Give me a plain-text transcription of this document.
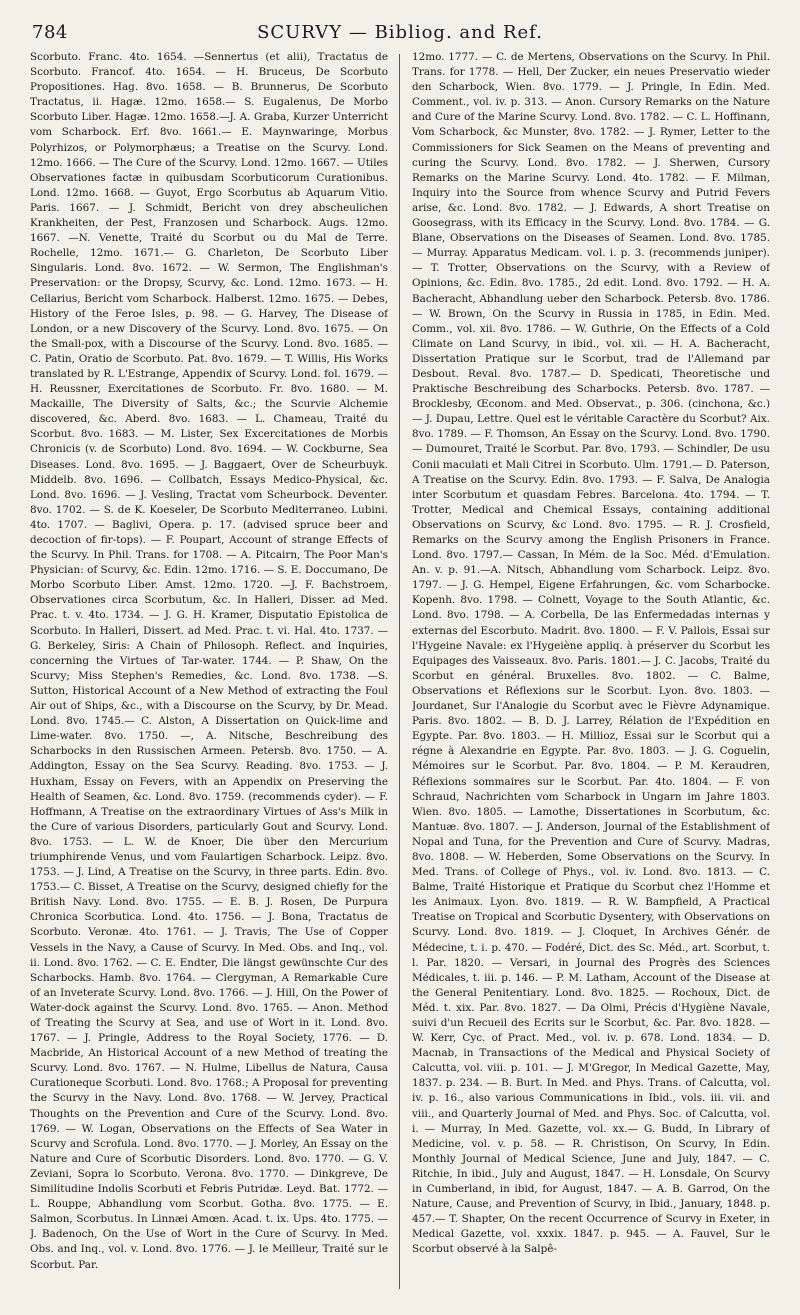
784	SCURVY — Bibliog. and Ref.
Scorbuto. Franc. 4to. 1654. —Sennertus (et alii), Tractatus de Scorbuto. Francof. 4to. 1654. — H. Bruceus, De Scorbuto Propositiones. Hag. 8vo. 1658. — B. Brunnerus, De Scorbuto Tractatus, ii. Hagæ. 12mo. 1658.— S. Eugalenus, De Morbo Scorbuto Liber. Hagæ. 12mo. 1658.—J. A. Graba, Kurzer Unterricht vom Scharbock. Erf. 8vo. 1661.— E. Maynwaringe, Morbus Polyrhizos, or Polymorphæus; a Treatise on the Scurvy. Lond. 12mo. 1666. — The Cure of the Scurvy. Lond. 12mo. 1667. — Utiles Observationes factæ in quibusdam Scorbuticorum Curationibus. Lond. 12mo. 1668. — Guyot, Ergo Scorbutus ab Aquarum Vitio. Paris. 1667. — J. Schmidt, Bericht von drey abscheulichen Krankheiten, der Pest, Franzosen und Scharbock. Augs. 12mo. 1667. —N. Venette, Traité du Scorbut ou du Mal de Terre. Rochelle, 12mo. 1671.— G. Charleton, De Scorbuto Liber Singularis. Lond. 8vo. 1672. — W. Sermon, The Englishman's Preservation: or the Dropsy, Scurvy, &c. Lond. 12mo. 1673. — H. Cellarius, Bericht vom Scharbock. Halberst. 12mo. 1675. — Debes, History of the Feroe Isles, p. 98. — G. Harvey, The Disease of London, or a new Discovery of the Scurvy. Lond. 8vo. 1675. — On the Small-pox, with a Discourse of the Scurvy. Lond. 8vo. 1685. — C. Patin, Oratio de Scorbuto. Pat. 8vo. 1679. — T. Willis, His Works translated by R. L'Estrange, Appendix of Scurvy. Lond. fol. 1679. — H. Reussner, Exercitationes de Scorbuto. Fr. 8vo. 1680. — M. Mackaille, The Diversity of Salts, &c.; the Scurvie Alchemie discovered, &c. Aberd. 8vo. 1683. — L. Chameau, Traité du Scorbut. 8vo. 1683. — M. Lister, Sex Excercitationes de Morbis Chronicis (v. de Scorbuto) Lond. 8vo. 1694. — W. Cockburne, Sea Diseases. Lond. 8vo. 1695. — J. Baggaert, Over de Scheurbuyk. Middelb. 8vo. 1696. — Collbatch, Essays Medico-Physical, &c. Lond. 8vo. 1696. — J. Vesling, Tractat vom Scheurbock. Deventer. 8vo. 1702. — S. de K. Koeseler, De Scorbuto Mediterraneo. Lubini. 4to. 1707. — Baglivi, Opera. p. 17. (advised spruce beer and decoction of fir-tops). — F. Poupart, Account of strange Effects of the Scurvy. In Phil. Trans. for 1708. — A. Pitcairn, The Poor Man's Physician: of Scurvy, &c. Edin. 12mo. 1716. — S. E. Doccumano, De Morbo Scorbuto Liber. Amst. 12mo. 1720. —J. F. Bachstroem, Observationes circa Scorbutum, &c. In Halleri, Disser. ad Med. Prac. t. v. 4to. 1734. — J. G. H. Kramer, Disputatio Epistolica de Scorbuto. In Halleri, Dissert. ad Med. Prac. t. vi. Hal. 4to. 1737. — G. Berkeley, Siris: A Chain of Philosoph. Reflect. and Inquiries, concerning the Virtues of Tar-water. 1744. — P. Shaw, On the Scurvy; Miss Stephen's Remedies, &c. Lond. 8vo. 1738. —S. Sutton, Historical Account of a New Method of extracting the Foul Air out of Ships, &c., with a Discourse on the Scurvy, by Dr. Mead. Lond. 8vo. 1745.— C. Alston, A Dissertation on Quick-lime and Lime-water. 8vo. 1750. —, A. Nitsche, Beschreibung des Scharbocks in den Russischen Armeen. Petersb. 8vo. 1750. — A. Addington, Essay on the Sea Scurvy. Reading. 8vo. 1753. — J. Huxham, Essay on Fevers, with an Appendix on Preserving the Health of Seamen, &c. Lond. 8vo. 1759. (recommends cyder). — F. Hoffmann, A Treatise on the extraordinary Virtues of Ass's Milk in the Cure of various Disorders, particularly Gout and Scurvy. Lond. 8vo. 1753. — L. W. de Knoer, Die über den Mercurium triumphirende Venus, und vom Faulartigen Scharbock. Leipz. 8vo. 1753. — J. Lind, A Treatise on the Scurvy, in three parts. Edin. 8vo. 1753.— C. Bisset, A Treatise on the Scurvy, designed chiefly for the British Navy. Lond. 8vo. 1755. — E. B. J. Rosen, De Purpura Chronica Scorbutica. Lond. 4to. 1756. — J. Bona, Tractatus de Scorbuto. Veronæ. 4to. 1761. — J. Travis, The Use of Copper Vessels in the Navy, a Cause of Scurvy. In Med. Obs. and Inq., vol. ii. Lond. 8vo. 1762. — C. E. Endter, Die längst gewünschte Cur des Scharbocks. Hamb. 8vo. 1764. — Clergyman, A Remarkable Cure of an Inveterate Scurvy. Lond. 8vo. 1766. — J. Hill, On the Power of Water-dock against the Scurvy. Lond. 8vo. 1765. — Anon. Method of Treating the Scurvy at Sea, and use of Wort in it. Lond. 8vo. 1767. — J. Pringle, Address to the Royal Society, 1776. — D. Macbride, An Historical Account of a new Method of treating the Scurvy. Lond. 8vo. 1767. — N. Hulme, Libellus de Natura, Causa Curationeque Scorbuti. Lond. 8vo. 1768.; A Proposal for preventing the Scurvy in the Navy. Lond. 8vo. 1768. — W. Jervey, Practical Thoughts on the Prevention and Cure of the Scurvy. Lond. 8vo. 1769. — W. Logan, Observations on the Effects of Sea Water in Scurvy and Scrofula. Lond. 8vo. 1770. — J. Morley, An Essay on the Nature and Cure of Scorbutic Disorders. Lond. 8vo. 1770. — G. V. Zeviani, Sopra lo Scorbuto. Verona. 8vo. 1770. — Dinkgreve, De Similitudine Indolis Scorbuti et Febris Putridæ. Leyd. Bat. 1772. — L. Rouppe, Abhandlung vom Scorbut. Gotha. 8vo. 1775. — E. Salmon, Scorbutus. In Linnæi Amœn. Acad. t. ix. Ups. 4to. 1775. — J. Badenoch, On the Use of Wort in the Cure of Scurvy. In Med. Obs. and Inq., vol. v. Lond. 8vo. 1776. — J. le Meilleur, Traité sur le Scorbut. Par.
12mo. 1777. — C. de Mertens, Observations on the Scurvy. In Phil. Trans. for 1778. — Hell, Der Zucker, ein neues Preservatio wieder den Scharbock, Wien. 8vo. 1779. — J. Pringle, In Edin. Med. Comment., vol. iv. p. 313. — Anon. Cursory Remarks on the Nature and Cure of the Marine Scurvy. Lond. 8vo. 1782. — C. L. Hoffinann, Vom Scharbock, &c Munster, 8vo. 1782. — J. Rymer, Letter to the Commissioners for Sick Seamen on the Means of preventing and curing the Scurvy. Lond. 8vo. 1782. — J. Sherwen, Cursory Remarks on the Marine Scurvy. Lond. 4to. 1782. — F. Milman, Inquiry into the Source from whence Scurvy and Putrid Fevers arise, &c. Lond. 8vo. 1782. — J. Edwards, A short Treatise on Goosegrass, with its Efficacy in the Scurvy. Lond. 8vo. 1784. — G. Blane, Observations on the Diseases of Seamen. Lond. 8vo. 1785. — Murray. Apparatus Medicam. vol. i. p. 3. (recommends juniper). — T. Trotter, Observations on the Scurvy, with a Review of Opinions, &c. Edin. 8vo. 1785., 2d edit. Lond. 8vo. 1792. — H. A. Bacheracht, Abhandlung ueber den Scharbock. Petersb. 8vo. 1786. — W. Brown, On the Scurvy in Russia in 1785, in Edin. Med. Comm., vol. xii. 8vo. 1786. — W. Guthrie, On the Effects of a Cold Climate on Land Scurvy, in ibid., vol. xii. — H. A. Bacheracht, Dissertation Pratique sur le Scorbut, trad de l'Allemand par Desbout. Reval. 8vo. 1787.— D. Spedicati, Theoretische und Praktische Beschreibung des Scharbocks. Petersb. 8vo. 1787. — Brocklesby, Œconom. and Med. Observat., p. 306. (cinchona, &c.) — J. Dupau, Lettre. Quel est le véritable Caractère du Scorbut? Aix. 8vo. 1789. — F. Thomson, An Essay on the Scurvy. Lond. 8vo. 1790.— Dumouret, Traité le Scorbut. Par. 8vo. 1793. — Schindler, De usu Conii maculati et Mali Citrei in Scorbuto. Ulm. 1791.— D. Paterson, A Treatise on the Scurvy. Edin. 8vo. 1793. — F. Salva, De Analogia inter Scorbutum et quasdam Febres. Barcelona. 4to. 1794. — T. Trotter, Medical and Chemical Essays, containing additional Observations on Scurvy, &c Lond. 8vo. 1795. — R. J. Crosfield, Remarks on the Scurvy among the English Prisoners in France. Lond. 8vo. 1797.— Cassan, In Mém. de la Soc. Méd. d'Emulation. An. v. p. 91.—A. Nitsch, Abhandlung vom Scharbock. Leipz. 8vo. 1797. — J. G. Hempel, Eigene Erfahrungen, &c. vom Scharbocke. Kopenh. 8vo. 1798. — Colnett, Voyage to the South Atlantic, &c. Lond. 8vo. 1798. — A. Corbella, De las Enfermedadas internas y externas del Escorbuto. Madrit. 8vo. 1800. — F. V. Pallois, Essai sur l'Hygeine Navale: ex l'Hygeiène appliq. à préserver du Scorbut les Equipages des Vaisseaux. 8vo. Paris. 1801.— J. C. Jacobs, Traité du Scorbut en général. Bruxelles. 8vo. 1802. — C. Balme, Observations et Réflexions sur le Scorbut. Lyon. 8vo. 1803. — Jourdanet, Sur l'Analogie du Scorbut avec le Fièvre Adynamique. Paris. 8vo. 1802. — B. D. J. Larrey, Rélation de l'Expédition en Egypte. Par. 8vo. 1803. — H. Millioz, Essai sur le Scorbut qui a régne à Alexandrie en Egypte. Par. 8vo. 1803. — J. G. Coguelin, Mémoires sur le Scorbut. Par. 8vo. 1804. — P. M. Keraudren, Réflexions sommaires sur le Scorbut. Par. 4to. 1804. — F. von Schraud, Nachrichten vom Scharbock in Ungarn im Jahre 1803. Wien. 8vo. 1805. — Lamothe, Dissertationes in Scorbutum, &c. Mantuæ. 8vo. 1807. — J. Anderson, Journal of the Establishment of Nopal and Tuna, for the Prevention and Cure of Scurvy. Madras, 8vo. 1808. — W. Heberden, Some Observations on the Scurvy. In Med. Trans. of College of Phys., vol. iv. Lond. 8vo. 1813. — C. Balme, Traité Historique et Pratique du Scorbut chez l'Homme et les Animaux. Lyon. 8vo. 1819. — R. W. Bampfield, A Practical Treatise on Tropical and Scorbutic Dysentery, with Observations on Scurvy. Lond. 8vo. 1819. — J. Cloquet, In Archives Génér. de Médecine, t. i. p. 470. — Fodéré, Dict. des Sc. Méd., art. Scorbut, t. l. Par. 1820. — Versari, in Journal des Progrès des Sciences Médicales, t. iii. p. 146. — P. M. Latham, Account of the Disease at the General Penitentiary. Lond. 8vo. 1825. — Rochoux, Dict. de Méd. t. xix. Par. 8vo. 1827. — Da Olmi, Précis d'Hygiène Navale, suivi d'un Recueil des Ecrits sur le Scorbut, &c. Par. 8vo. 1828. — W. Kerr, Cyc. of Pract. Med., vol. iv. p. 678. Lond. 1834. — D. Macnab, in Transactions of the Medical and Physical Society of Calcutta, vol. viii. p. 101. — J. M'Gregor, In Medical Gazette, May, 1837. p. 234. — B. Burt. In Med. and Phys. Trans. of Calcutta, vol. iv. p. 16., also various Communications in Ibid., vols. iii. vii. and viii., and Quarterly Journal of Med. and Phys. Soc. of Calcutta, vol. i. — Murray, In Med. Gazette, vol. xx.— G. Budd, In Library of Medicine, vol. v. p. 58. — R. Christison, On Scurvy, In Edin. Monthly Journal of Medical Science, June and July, 1847. — C. Ritchie, In ibid., July and August, 1847. — H. Lonsdale, On Scurvy in Cumberland, in ibid, for August, 1847. — A. B. Garrod, On the Nature, Cause, and Prevention of Scurvy, in Ibid., January, 1848. p. 457.— T. Shapter, On the recent Occurrence of Scurvy in Exeter, in Medical Gazette, vol. xxxix. 1847. p. 945. — A. Fauvel, Sur le Scorbut observé à la Salpê-
